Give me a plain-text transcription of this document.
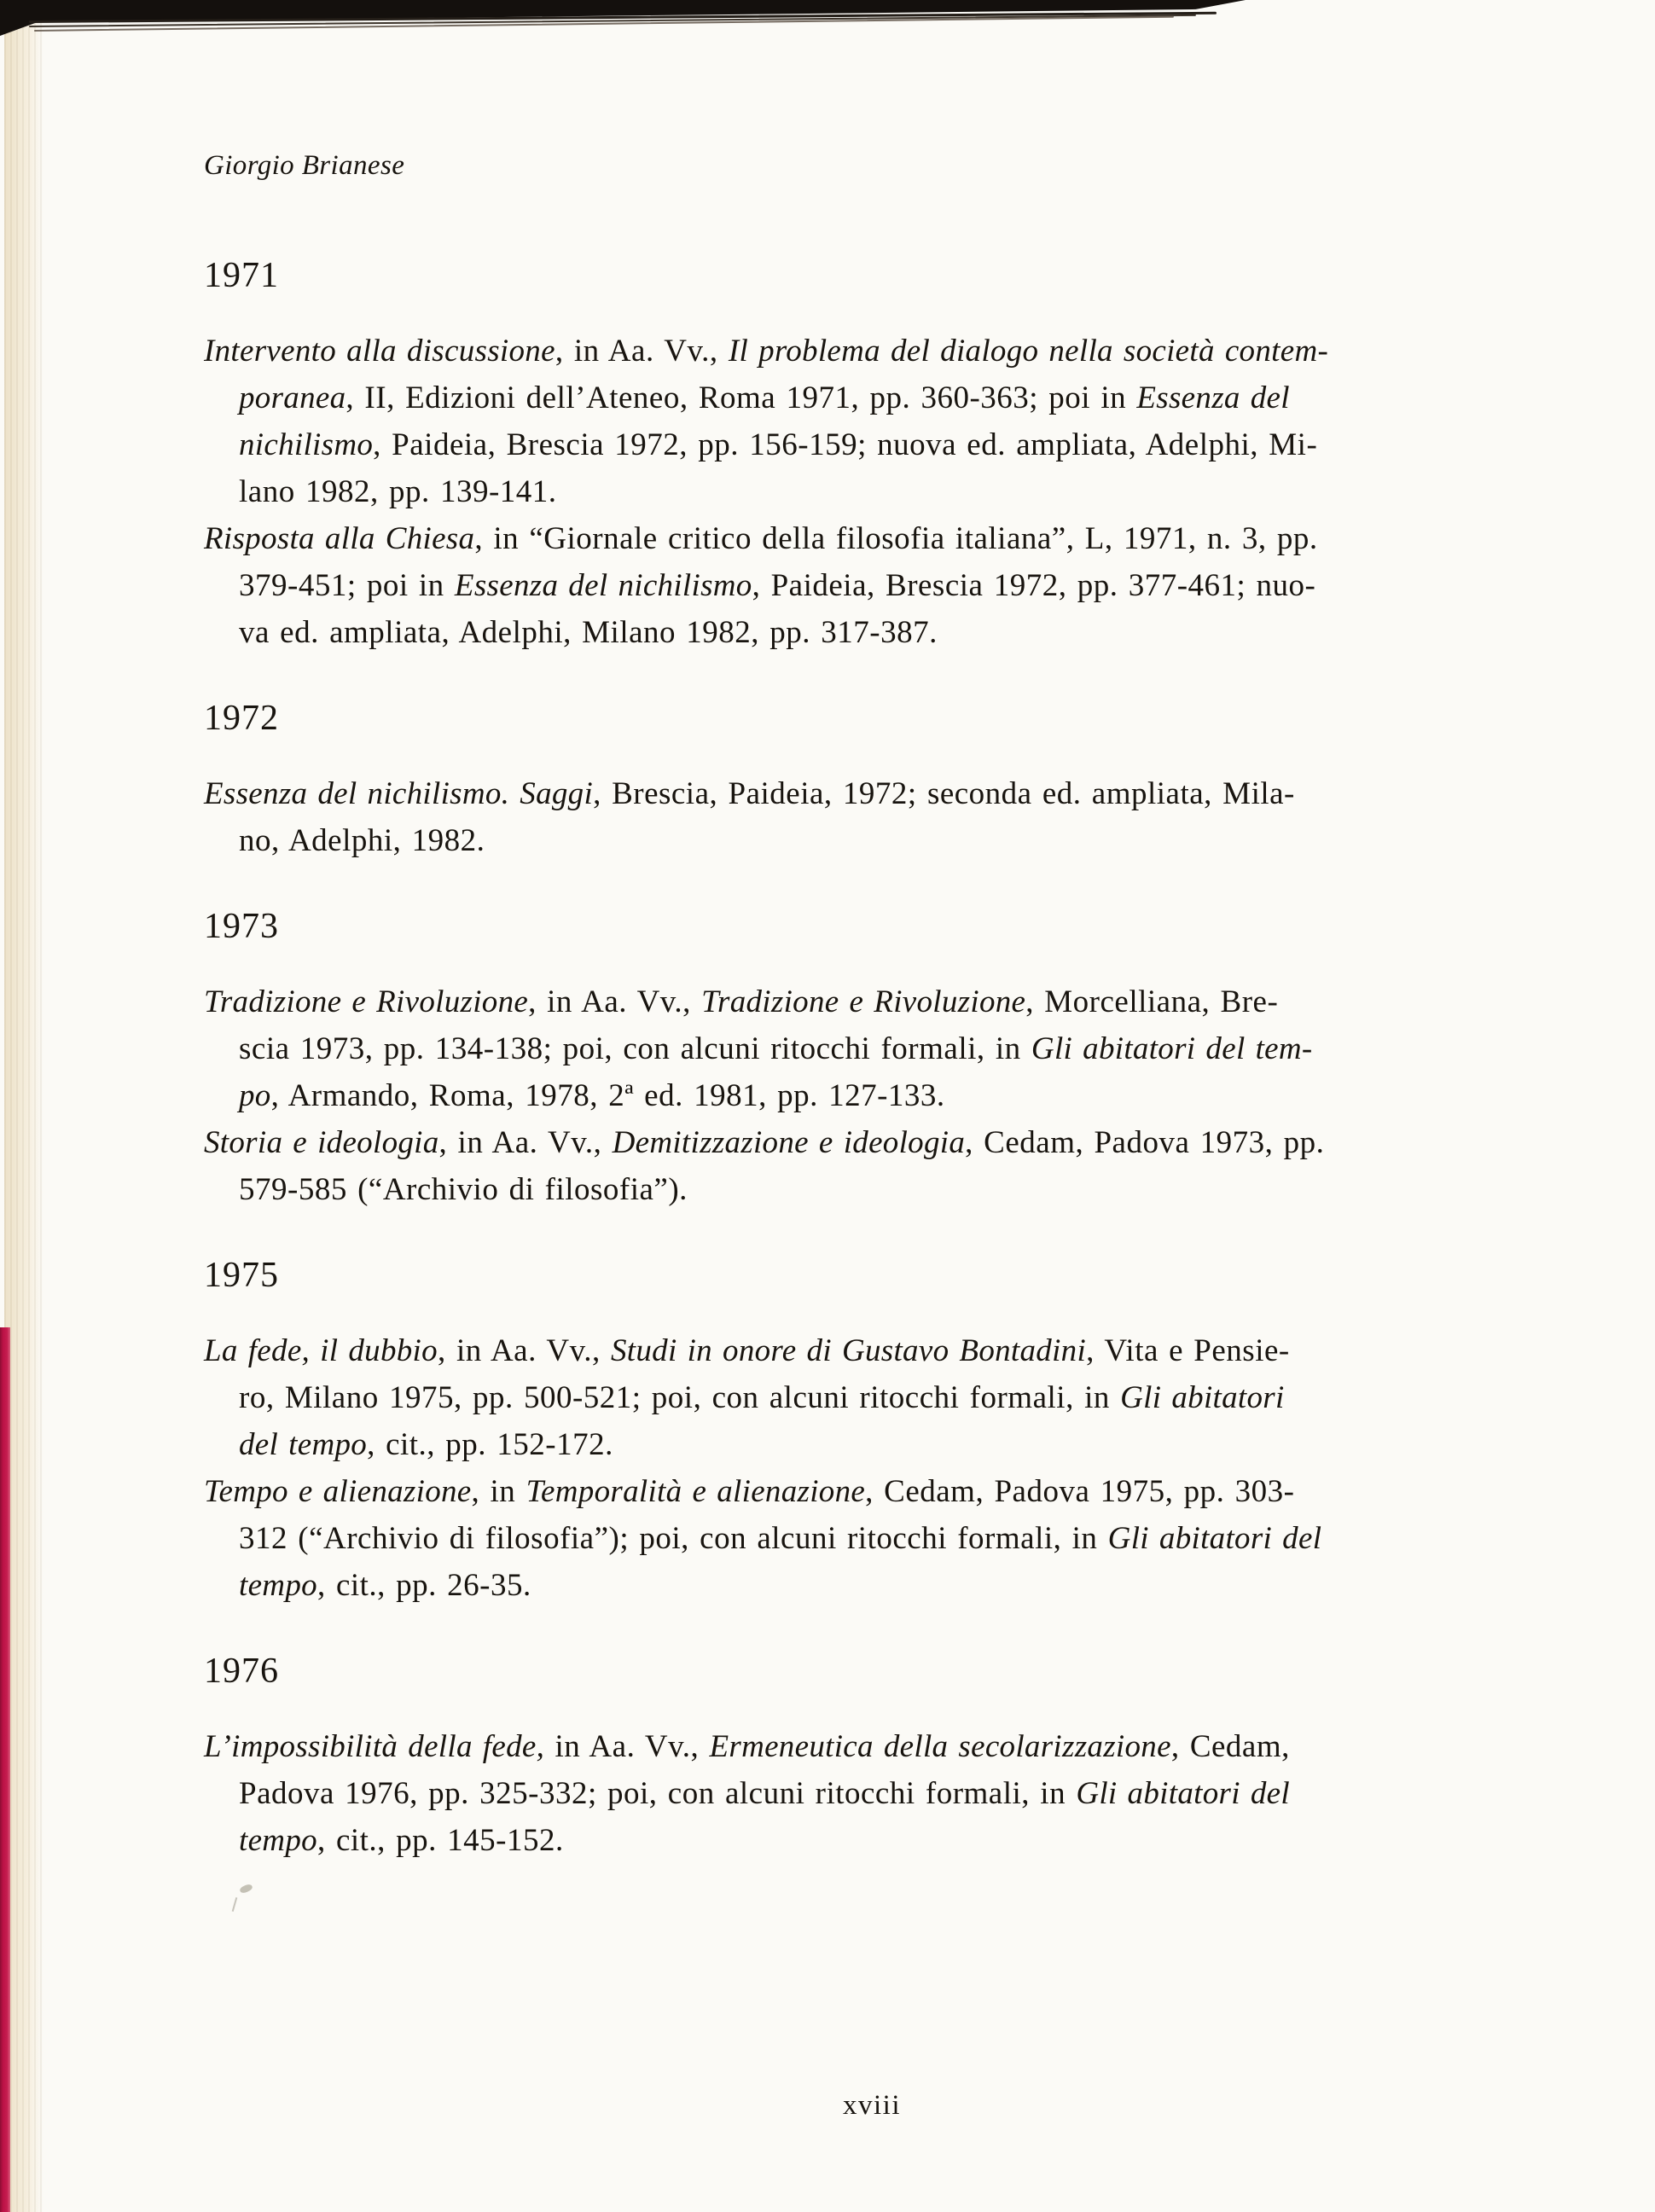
Giorgio Brianese
1971
Intervento alla discussione, in Aa. Vv., Il problema del dialogo nella società contem-
poranea, II, Edizioni dell’Ateneo, Roma 1971, pp. 360-363; poi in Essenza del
nichilismo, Paideia, Brescia 1972, pp. 156-159; nuova ed. ampliata, Adelphi, Mi-
lano 1982, pp. 139-141.
Risposta alla Chiesa, in “Giornale critico della filosofia italiana”, L, 1971, n. 3, pp.
379-451; poi in Essenza del nichilismo, Paideia, Brescia 1972, pp. 377-461; nuo-
va ed. ampliata, Adelphi, Milano 1982, pp. 317-387.
1972
Essenza del nichilismo. Saggi, Brescia, Paideia, 1972; seconda ed. ampliata, Mila-
no, Adelphi, 1982.
1973
Tradizione e Rivoluzione, in Aa. Vv., Tradizione e Rivoluzione, Morcelliana, Bre-
scia 1973, pp. 134-138; poi, con alcuni ritocchi formali, in Gli abitatori del tem-
po, Armando, Roma, 1978, 2ª ed. 1981, pp. 127-133.
Storia e ideologia, in Aa. Vv., Demitizzazione e ideologia, Cedam, Padova 1973, pp.
579-585 (“Archivio di filosofia”).
1975
La fede, il dubbio, in Aa. Vv., Studi in onore di Gustavo Bontadini, Vita e Pensie-
ro, Milano 1975, pp. 500-521; poi, con alcuni ritocchi formali, in Gli abitatori
del tempo, cit., pp. 152-172.
Tempo e alienazione, in Temporalità e alienazione, Cedam, Padova 1975, pp. 303-
312 (“Archivio di filosofia”); poi, con alcuni ritocchi formali, in Gli abitatori del
tempo, cit., pp. 26-35.
1976
L’impossibilità della fede, in Aa. Vv., Ermeneutica della secolarizzazione, Cedam,
Padova 1976, pp. 325-332; poi, con alcuni ritocchi formali, in Gli abitatori del
tempo, cit., pp. 145-152.
xviii
